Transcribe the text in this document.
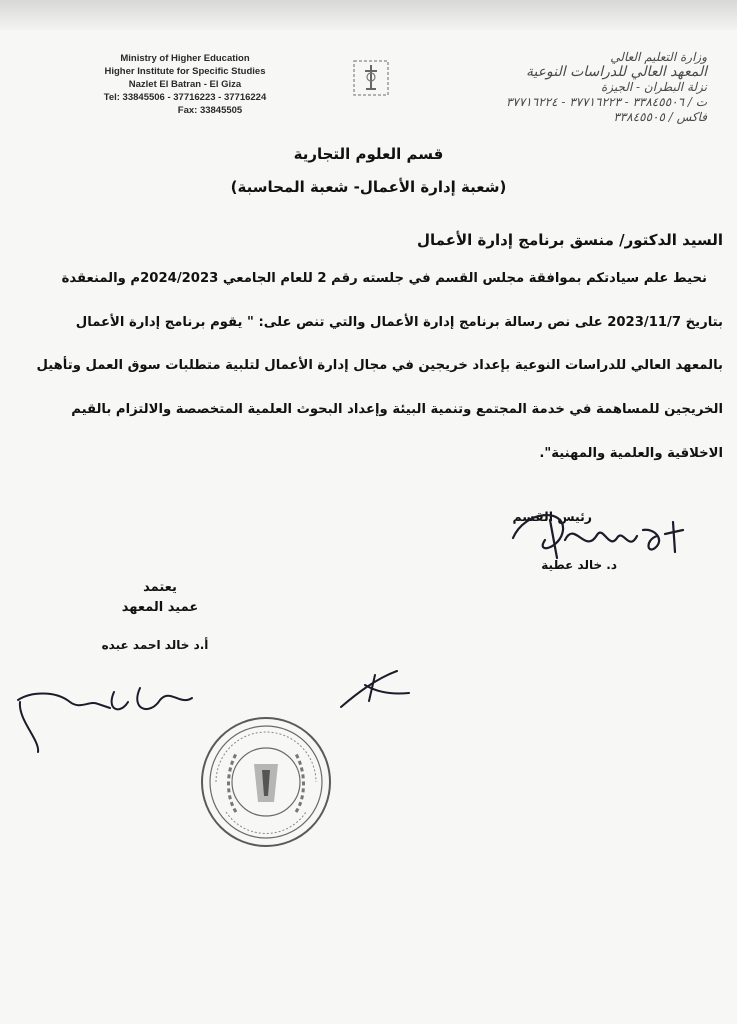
Ministry of Higher Education
Higher Institute for Specific Studies
Nazlet El Batran - El Giza
Tel: 33845506 - 37716223 - 37716224
Fax: 33845505
وزارة التعليم العالي
المعهد العالي للدراسات النوعية
نزلة البطران - الجيزة
ت / ٣٣٨٤٥٥٠٦ - ٣٧٧١٦٢٢٣ - ٣٧٧١٦٢٢٤
فاكس / ٣٣٨٤٥٥٠٥
قسم العلوم التجارية
(شعبة إدارة الأعمال- شعبة المحاسبة)
السيد الدكتور/ منسق برنامج إدارة الأعمال
نحيط علم سيادتكم بموافقة مجلس القسم في جلسته رقم 2 للعام الجامعي 2024/2023م والمنعقدة
بتاريخ 2023/11/7 على نص رسالة برنامج إدارة الأعمال والتي تنص على: " يقوم برنامج إدارة الأعمال
بالمعهد العالي للدراسات النوعية بإعداد خريجين في مجال إدارة الأعمال لتلبية متطلبات سوق العمل وتأهيل
الخريجين للمساهمة في خدمة المجتمع وتنمية البيئة وإعداد البحوث العلمية المتخصصة والالتزام بالقيم
الاخلاقية والعلمية والمهنية".
رئيس القسم
د. خالد عطية
يعتمد
عميد المعهد
أ.د خالد احمد عبده
